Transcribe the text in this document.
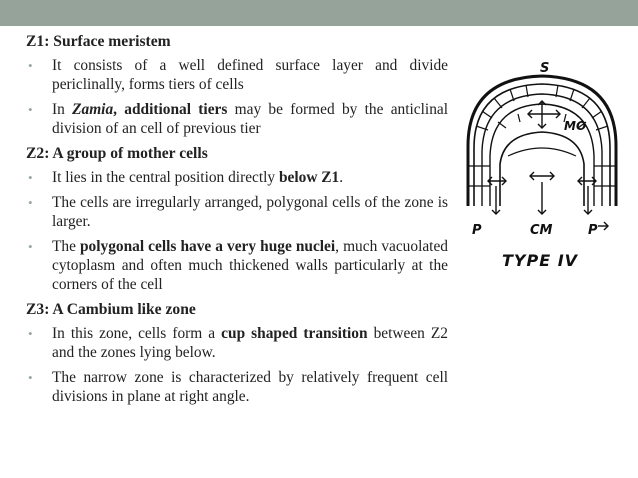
Z1: Surface meristem
• It consists of a well defined surface layer and divide periclinally, forms tiers of cells
• In Zamia, additional tiers may be formed by the anticlinal division of an cell of previous tier
Z2: A group of mother cells
• It lies in the central position directly below Z1.
• The cells are irregularly arranged, polygonal cells of the zone is larger.
• The polygonal cells have a very huge nuclei, much vacuolated cytoplasm and often much thickened walls particularly at the corners of the cell
Z3: A Cambium like zone
• In this zone, cells form a cup shaped transition between Z2 and the zones lying below.
• The narrow zone is characterized by relatively frequent cell divisions in plane at right angle.
S
MO
P	CM	P
TYPE IV
